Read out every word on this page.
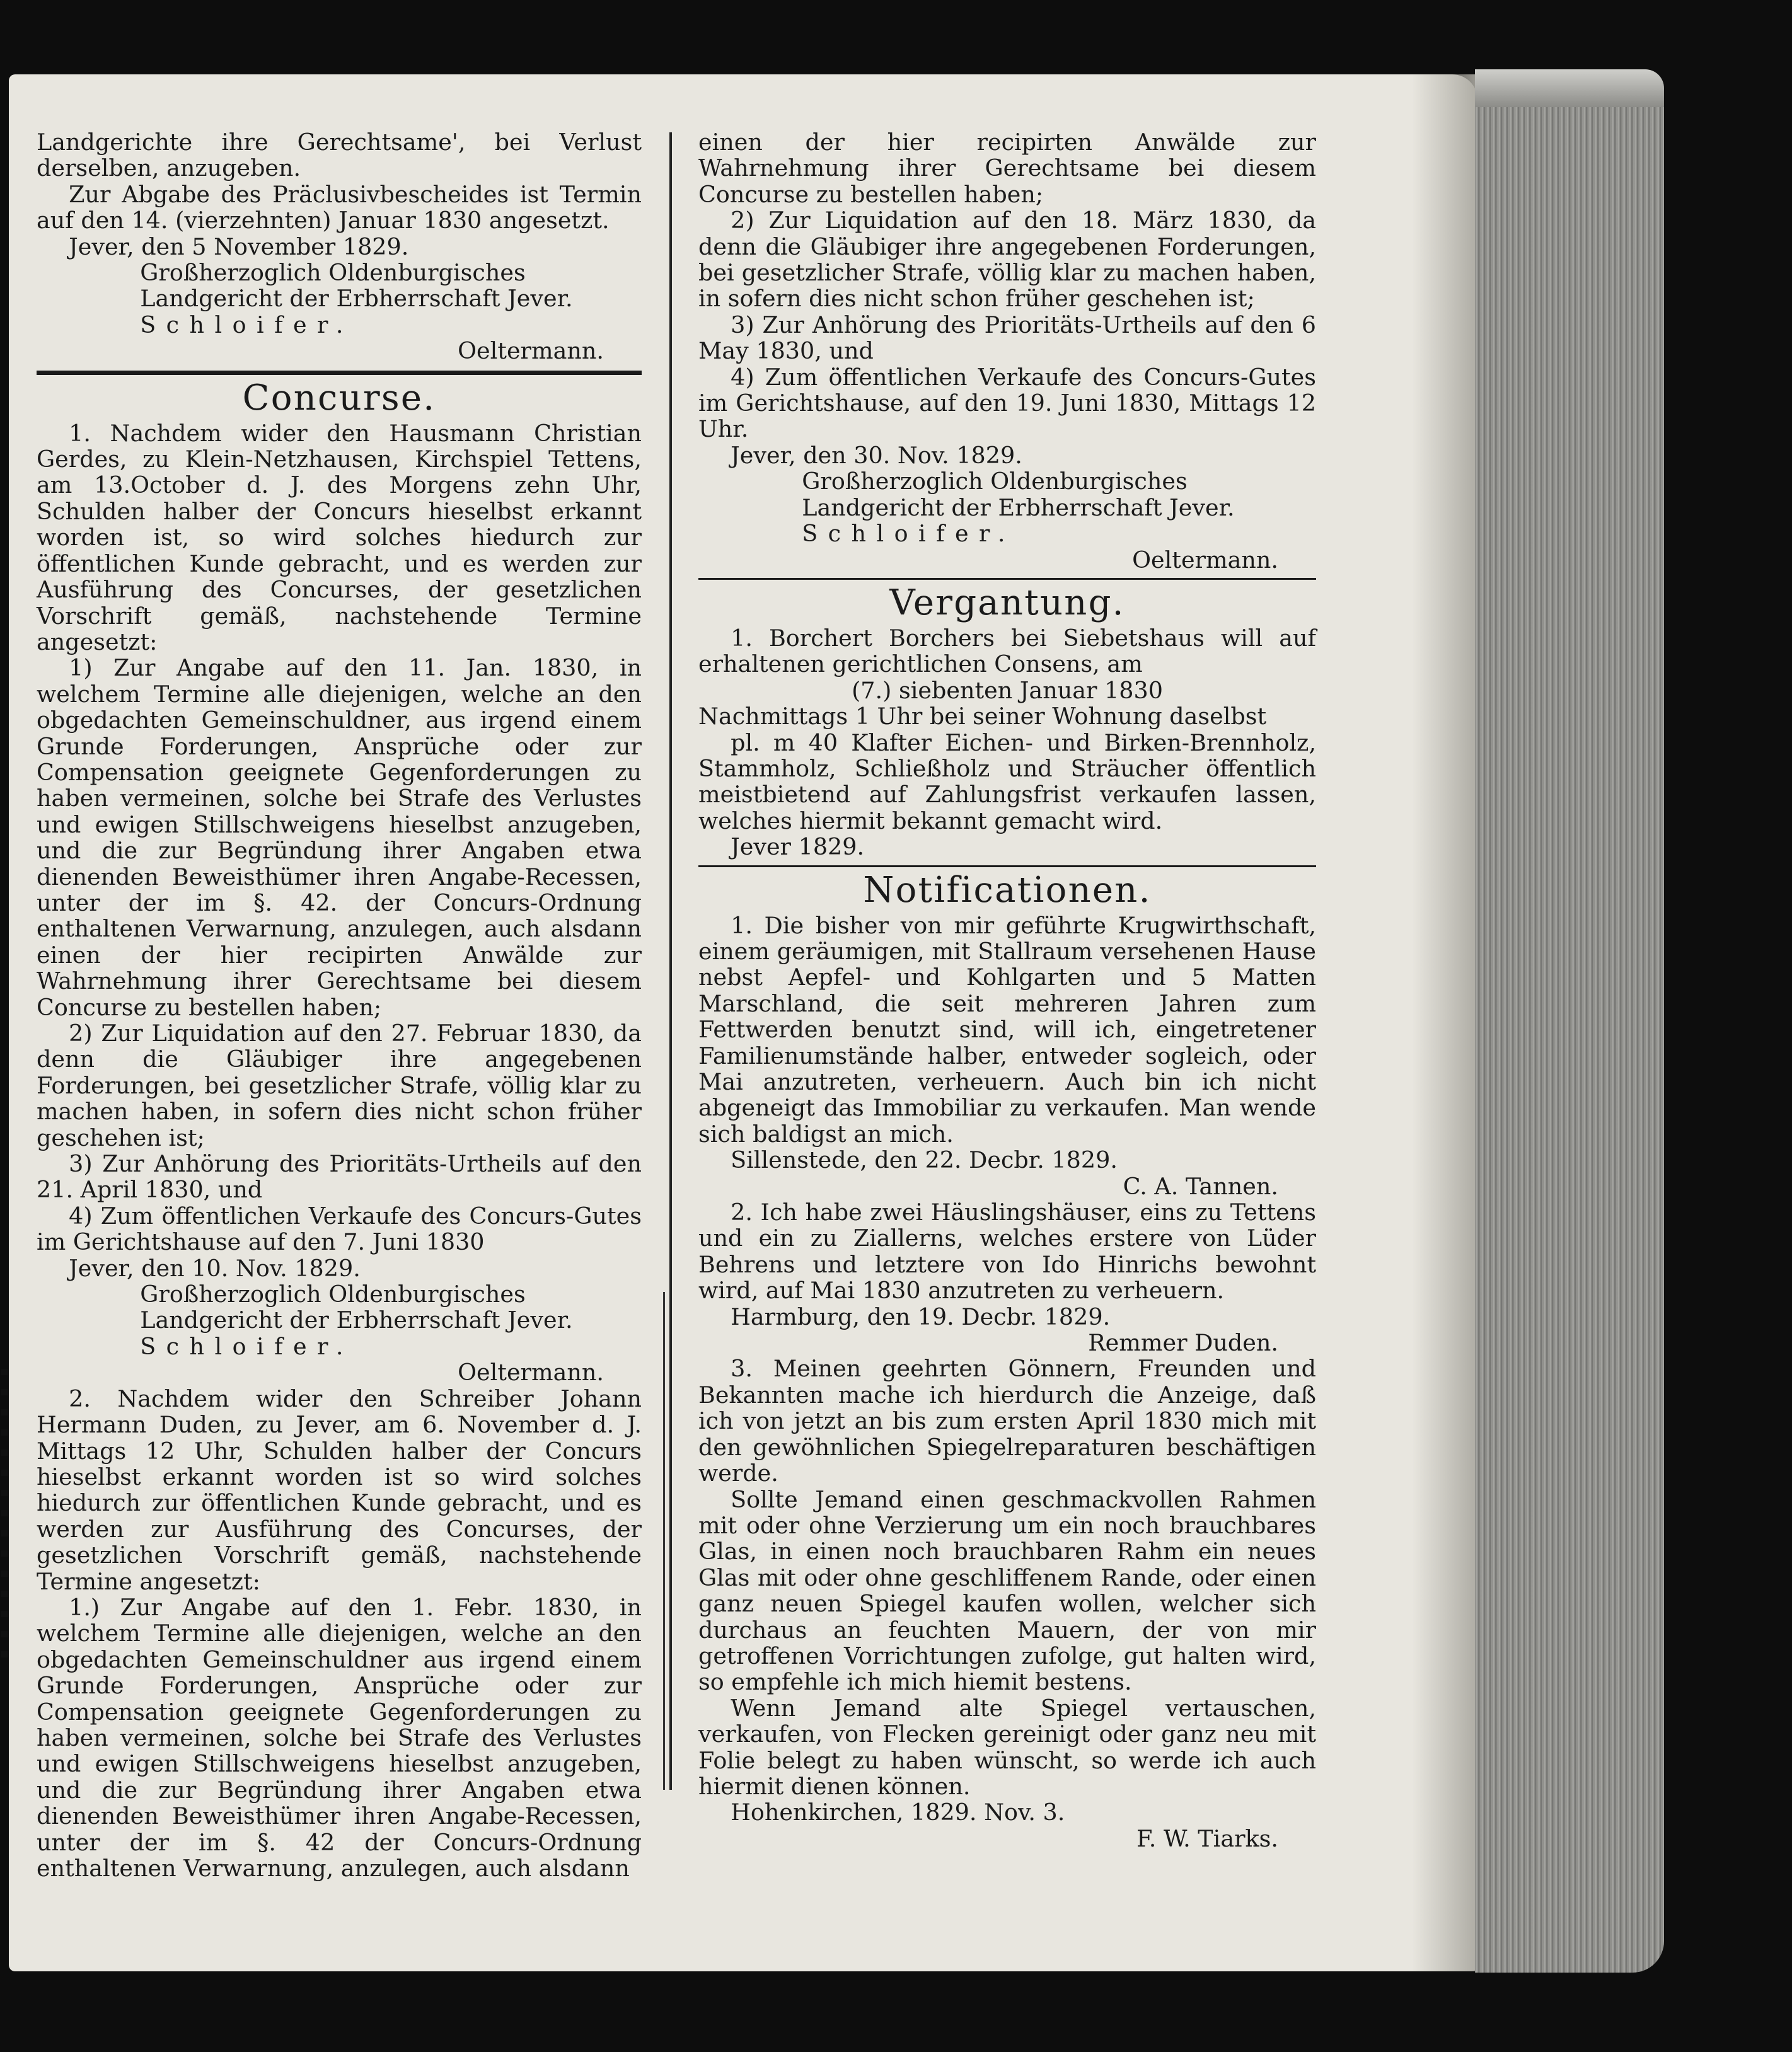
Landgerichte ihre Gerechtsame', bei Verlust derselben, anzugeben.

Zur Abgabe des Präclusivbescheides ist Termin auf den 14. (vierzehnten) Januar 1830 angesetzt.

Jever, den 5 November 1829.

Großherzoglich Oldenburgisches Landgericht der Erbherrschaft Jever.

Schloifer.

Oeltermann.

Concurse.

1. Nachdem wider den Hausmann Christian Gerdes, zu Klein-Netzhausen, Kirchspiel Tettens, am 13.October d. J. des Morgens zehn Uhr, Schulden halber der Concurs hieselbst erkannt worden ist, so wird solches hiedurch zur öffentlichen Kunde gebracht, und es werden zur Ausführung des Concurses, der gesetzlichen Vorschrift gemäß, nachstehende Termine angesetzt:

1) Zur Angabe auf den 11. Jan. 1830, in welchem Termine alle diejenigen, welche an den obgedachten Gemeinschuldner, aus irgend einem Grunde Forderungen, Ansprüche oder zur Compensation geeignete Gegenforderungen zu haben vermeinen, solche bei Strafe des Verlustes und ewigen Stillschweigens hieselbst anzugeben, und die zur Begründung ihrer Angaben etwa dienenden Beweisthümer ihren Angabe-Recessen, unter der im §. 42. der Concurs-Ordnung enthaltenen Verwarnung, anzulegen, auch alsdann einen der hier recipirten Anwälde zur Wahrnehmung ihrer Gerechtsame bei diesem Concurse zu bestellen haben;

2) Zur Liquidation auf den 27. Februar 1830, da denn die Gläubiger ihre angegebenen Forderungen, bei gesetzlicher Strafe, völlig klar zu machen haben, in sofern dies nicht schon früher geschehen ist;

3) Zur Anhörung des Prioritäts-Urtheils auf den 21. April 1830, und

4) Zum öffentlichen Verkaufe des Concurs-Gutes im Gerichtshause auf den 7. Juni 1830

Jever, den 10. Nov. 1829.

Großherzoglich Oldenburgisches Landgericht der Erbherrschaft Jever.

Schloifer.

Oeltermann.

2. Nachdem wider den Schreiber Johann Hermann Duden, zu Jever, am 6. November d. J. Mittags 12 Uhr, Schulden halber der Concurs hieselbst erkannt worden ist so wird solches hiedurch zur öffentlichen Kunde gebracht, und es werden zur Ausführung des Concurses, der gesetzlichen Vorschrift gemäß, nachstehende Termine angesetzt:

1.) Zur Angabe auf den 1. Febr. 1830, in welchem Termine alle diejenigen, welche an den obgedachten Gemeinschuldner aus irgend einem Grunde Forderungen, Ansprüche oder zur Compensation geeignete Gegenforderungen zu haben vermeinen, solche bei Strafe des Verlustes und ewigen Stillschweigens hieselbst anzugeben, und die zur Begründung ihrer Angaben etwa dienenden Beweisthümer ihren Angabe-Recessen, unter der im §. 42 der Concurs-Ordnung enthaltenen Verwarnung, anzulegen, auch alsdann

einen der hier recipirten Anwälde zur Wahrnehmung ihrer Gerechtsame bei diesem Concurse zu bestellen haben;

2) Zur Liquidation auf den 18. März 1830, da denn die Gläubiger ihre angegebenen Forderungen, bei gesetzlicher Strafe, völlig klar zu machen haben, in sofern dies nicht schon früher geschehen ist;

3) Zur Anhörung des Prioritäts-Urtheils auf den 6 May 1830, und

4) Zum öffentlichen Verkaufe des Concurs-Gutes im Gerichtshause, auf den 19. Juni 1830, Mittags 12 Uhr.

Jever, den 30. Nov. 1829.

Großherzoglich Oldenburgisches Landgericht der Erbherrschaft Jever.

Schloifer.

Oeltermann.

Vergantung.

1. Borchert Borchers bei Siebetshaus will auf erhaltenen gerichtlichen Consens, am

(7.) siebenten Januar 1830

Nachmittags 1 Uhr bei seiner Wohnung daselbst

pl. m 40 Klafter Eichen- und Birken-Brennholz, Stammholz, Schließholz und Sträucher öffentlich meistbietend auf Zahlungsfrist verkaufen lassen, welches hiermit bekannt gemacht wird.

Jever 1829.

Notificationen.

1. Die bisher von mir geführte Krugwirthschaft, einem geräumigen, mit Stallraum versehenen Hause nebst Aepfel- und Kohlgarten und 5 Matten Marschland, die seit mehreren Jahren zum Fettwerden benutzt sind, will ich, eingetretener Familienumstände halber, entweder sogleich, oder Mai anzutreten, verheuern. Auch bin ich nicht abgeneigt das Immobiliar zu verkaufen. Man wende sich baldigst an mich.

Sillenstede, den 22. Decbr. 1829.

C. A. Tannen.

2. Ich habe zwei Häuslingshäuser, eins zu Tettens und ein zu Ziallerns, welches erstere von Lüder Behrens und letztere von Ido Hinrichs bewohnt wird, auf Mai 1830 anzutreten zu verheuern.

Harmburg, den 19. Decbr. 1829.

Remmer Duden.

3. Meinen geehrten Gönnern, Freunden und Bekannten mache ich hierdurch die Anzeige, daß ich von jetzt an bis zum ersten April 1830 mich mit den gewöhnlichen Spiegelreparaturen beschäftigen werde.

Sollte Jemand einen geschmackvollen Rahmen mit oder ohne Verzierung um ein noch brauchbares Glas, in einen noch brauchbaren Rahm ein neues Glas mit oder ohne geschliffenem Rande, oder einen ganz neuen Spiegel kaufen wollen, welcher sich durchaus an feuchten Mauern, der von mir getroffenen Vorrichtungen zufolge, gut halten wird, so empfehle ich mich hiemit bestens.

Wenn Jemand alte Spiegel vertauschen, verkaufen, von Flecken gereinigt oder ganz neu mit Folie belegt zu haben wünscht, so werde ich auch hiermit dienen können.

Hohenkirchen, 1829. Nov. 3.

F. W. Tiarks.
